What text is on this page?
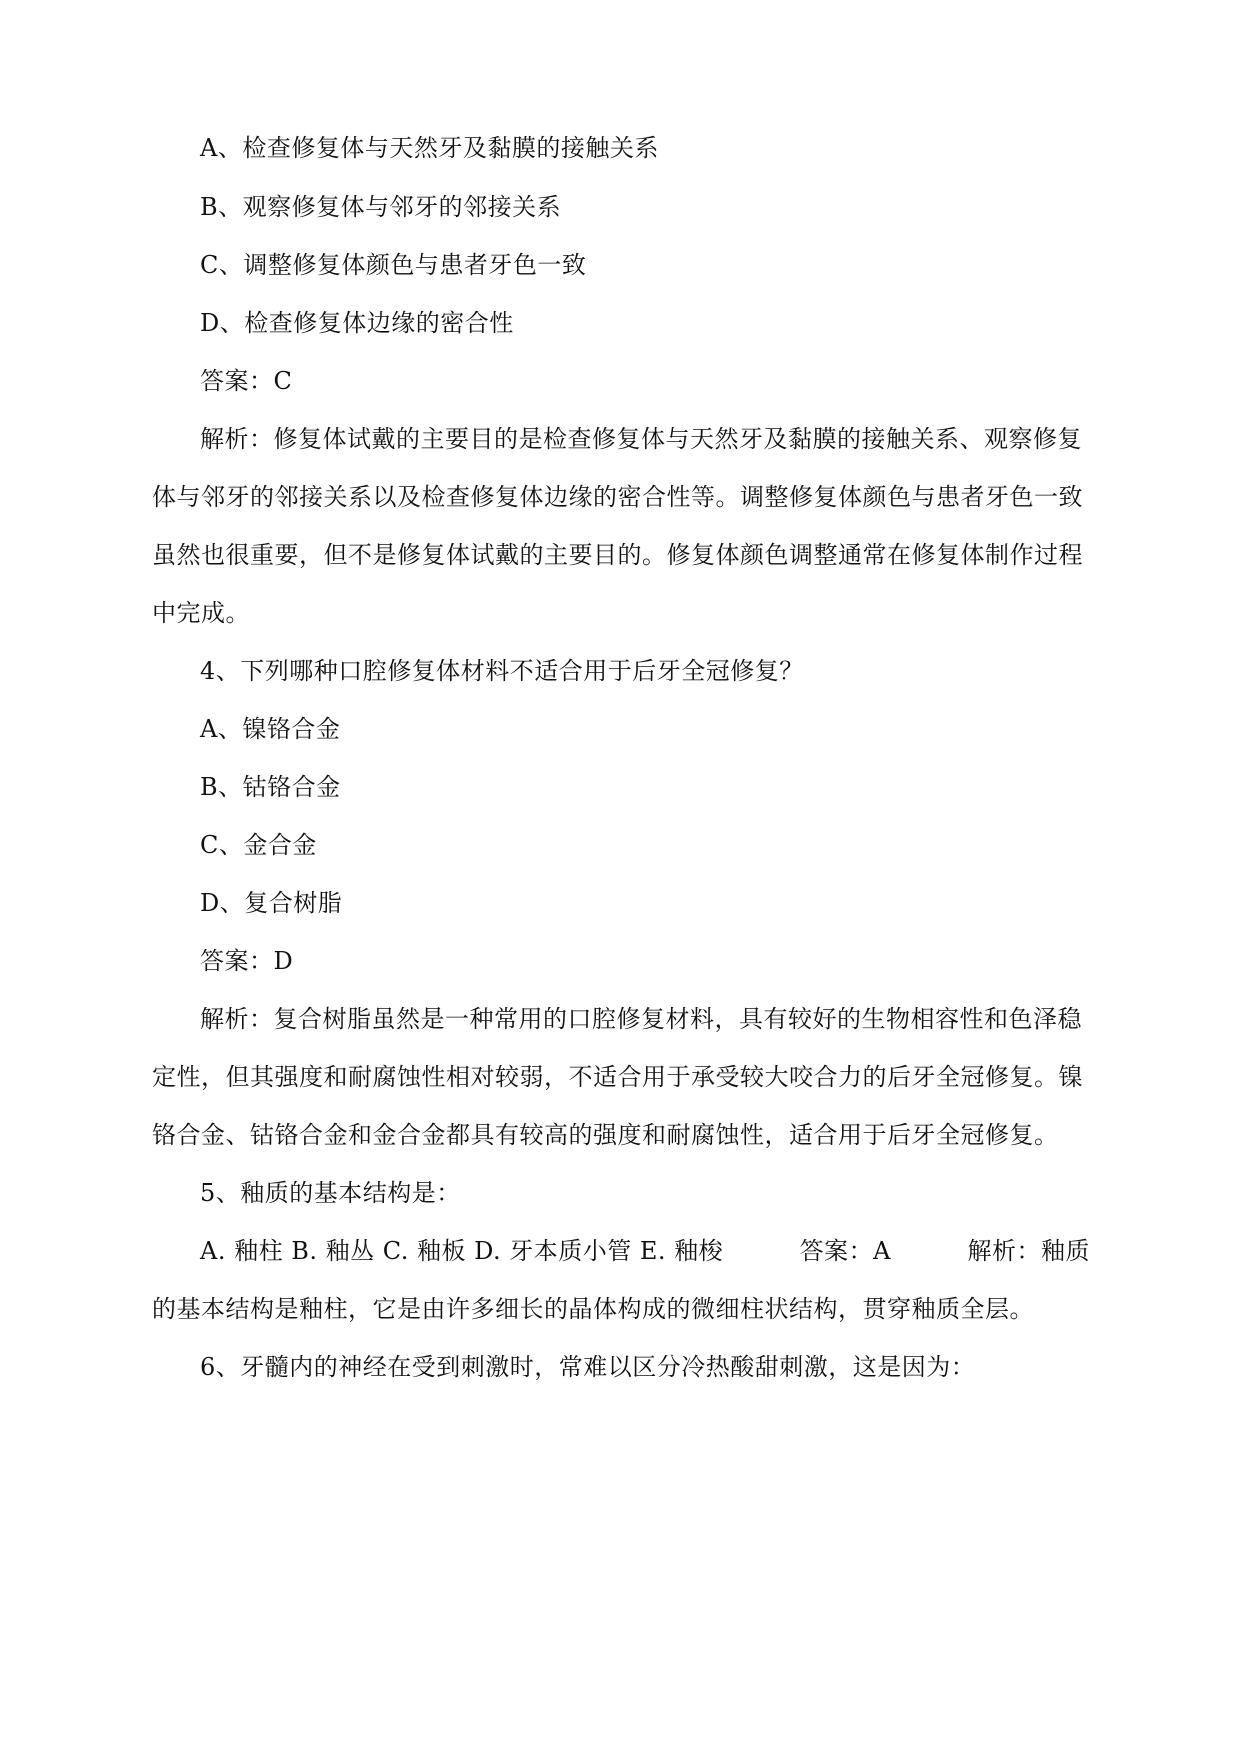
A、检查修复体与天然牙及黏膜的接触关系
B、观察修复体与邻牙的邻接关系
C、调整修复体颜色与患者牙色一致
D、检查修复体边缘的密合性
答案：C
解析：修复体试戴的主要目的是检查修复体与天然牙及黏膜的接触关系、观察修复
体与邻牙的邻接关系以及检查修复体边缘的密合性等。调整修复体颜色与患者牙色一致
虽然也很重要，但不是修复体试戴的主要目的。修复体颜色调整通常在修复体制作过程
中完成。
4、下列哪种口腔修复体材料不适合用于后牙全冠修复？
A、镍铬合金
B、钴铬合金
C、金合金
D、复合树脂
答案：D
解析：复合树脂虽然是一种常用的口腔修复材料，具有较好的生物相容性和色泽稳
定性，但其强度和耐腐蚀性相对较弱，不适合用于承受较大咬合力的后牙全冠修复。镍
铬合金、钴铬合金和金合金都具有较高的强度和耐腐蚀性，适合用于后牙全冠修复。
5、釉质的基本结构是：
A. 釉柱 B. 釉丛 C. 釉板 D. 牙本质小管 E. 釉梭	答案：A	解析：釉质
的基本结构是釉柱，它是由许多细长的晶体构成的微细柱状结构，贯穿釉质全层。
6、牙髓内的神经在受到刺激时，常难以区分冷热酸甜刺激，这是因为：
